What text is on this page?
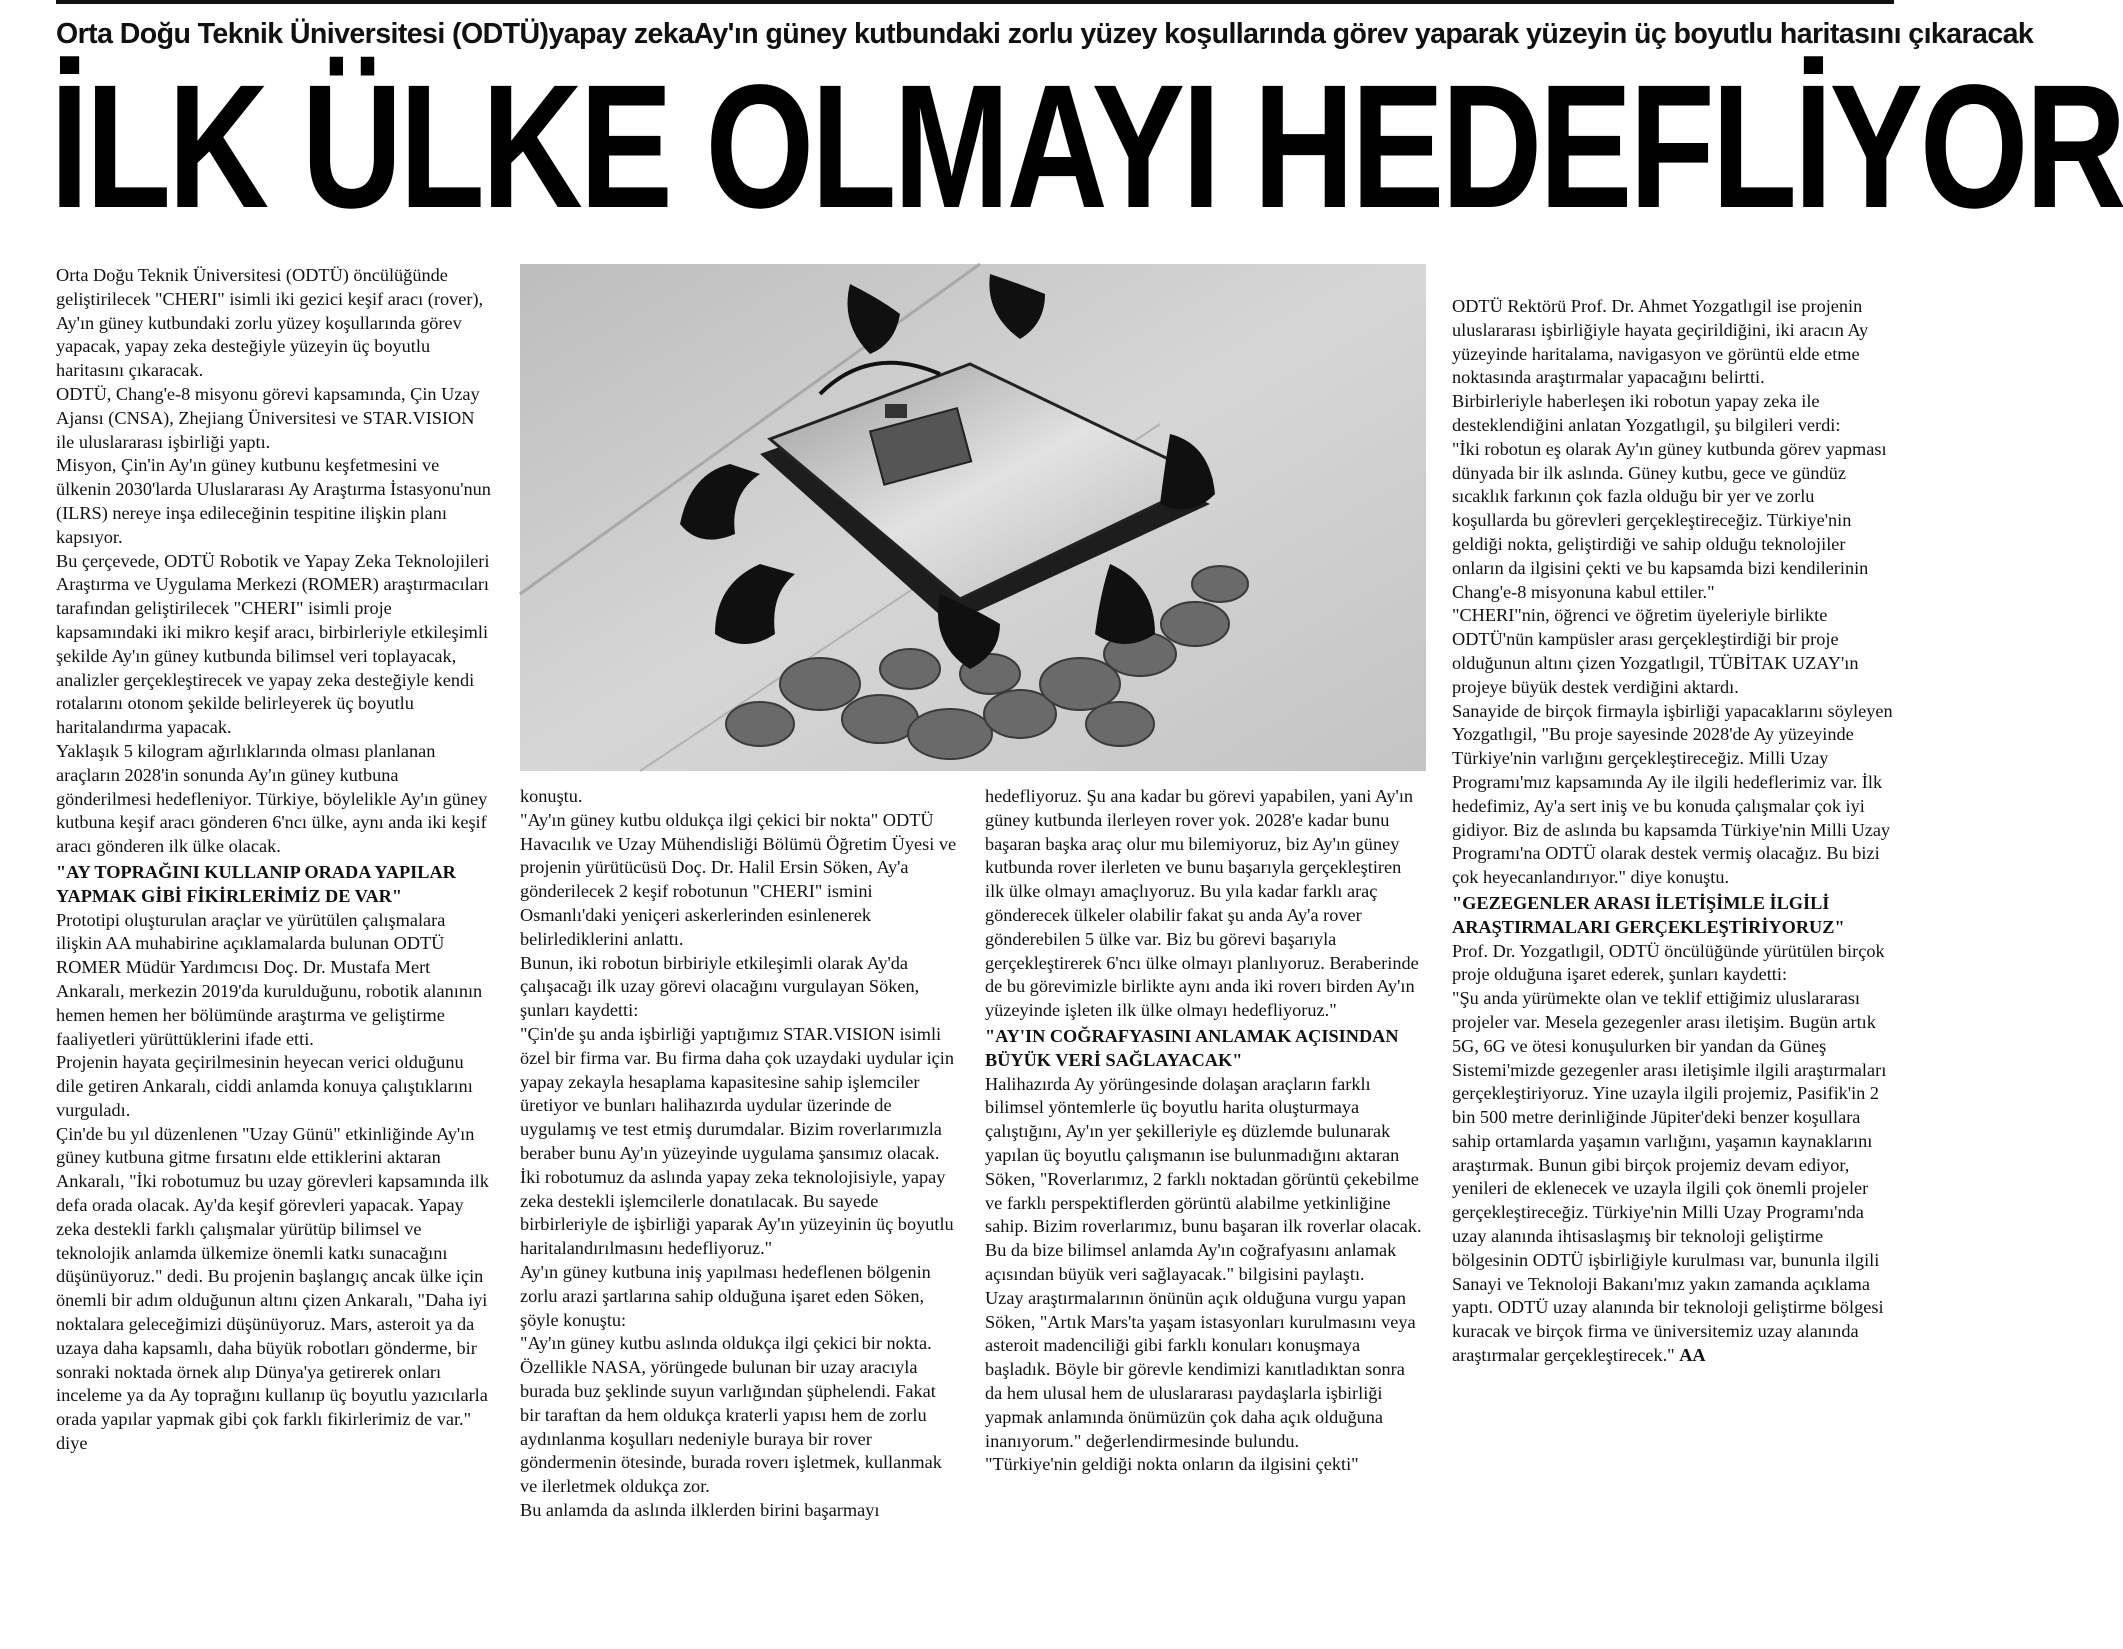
Orta Doğu Teknik Üniversitesi (ODTÜ)yapay zekaAy'ın güney kutbundaki zorlu yüzey koşullarında görev yaparak yüzeyin üç boyutlu haritasını çıkaracak
İLK ÜLKE OLMAYI HEDEFLİYOR

Orta Doğu Teknik Üniversitesi (ODTÜ) öncülüğünde geliştirilecek "CHERI" isimli iki gezici keşif aracı (rover), Ay'ın güney kutbundaki zorlu yüzey koşullarında görev yapacak, yapay zeka desteğiyle yüzeyin üç boyutlu haritasını çıkaracak.

ODTÜ, Chang'e-8 misyonu görevi kapsamında, Çin Uzay Ajansı (CNSA), Zhejiang Üniversitesi ve STAR.VISION ile uluslararası işbirliği yaptı.

Misyon, Çin'in Ay'ın güney kutbunu keşfetmesini ve ülkenin 2030'larda Uluslararası Ay Araştırma İstasyonu'nun (ILRS) nereye inşa edileceğinin tespitine ilişkin planı kapsıyor.

Bu çerçevede, ODTÜ Robotik ve Yapay Zeka Teknolojileri Araştırma ve Uygulama Merkezi (ROMER) araştırmacıları tarafından geliştirilecek "CHERI" isimli proje kapsamındaki iki mikro keşif aracı, birbirleriyle etkileşimli şekilde Ay'ın güney kutbunda bilimsel veri toplayacak, analizler gerçekleştirecek ve yapay zeka desteğiyle kendi rotalarını otonom şekilde belirleyerek üç boyutlu haritalandırma yapacak.

Yaklaşık 5 kilogram ağırlıklarında olması planlanan araçların 2028'in sonunda Ay'ın güney kutbuna gönderilmesi hedefleniyor. Türkiye, böylelikle Ay'ın güney kutbuna keşif aracı gönderen 6'ncı ülke, aynı anda iki keşif aracı gönderen ilk ülke olacak.

"AY TOPRAĞINI KULLANIP ORADA YAPILAR YAPMAK GİBİ FİKİRLERİMİZ DE VAR"

Prototipi oluşturulan araçlar ve yürütülen çalışmalara ilişkin AA muhabirine açıklamalarda bulunan ODTÜ ROMER Müdür Yardımcısı Doç. Dr. Mustafa Mert Ankaralı, merkezin 2019'da kurulduğunu, robotik alanının hemen hemen her bölümünde araştırma ve geliştirme faaliyetleri yürüttüklerini ifade etti.

Projenin hayata geçirilmesinin heyecan verici olduğunu dile getiren Ankaralı, ciddi anlamda konuya çalıştıklarını vurguladı.

Çin'de bu yıl düzenlenen "Uzay Günü" etkinliğinde Ay'ın güney kutbuna gitme fırsatını elde ettiklerini aktaran Ankaralı, "İki robotumuz bu uzay görevleri kapsamında ilk defa orada olacak. Ay'da keşif görevleri yapacak. Yapay zeka destekli farklı çalışmalar yürütüp bilimsel ve teknolojik anlamda ülkemize önemli katkı sunacağını düşünüyoruz." dedi. Bu projenin başlangıç ancak ülke için önemli bir adım olduğunun altını çizen Ankaralı, "Daha iyi noktalara geleceğimizi düşünüyoruz. Mars, asteroit ya da uzaya daha kapsamlı, daha büyük robotları gönderme, bir sonraki noktada örnek alıp Dünya'ya getirerek onları inceleme ya da Ay toprağını kullanıp üç boyutlu yazıcılarla orada yapılar yapmak gibi çok farklı fikirlerimiz de var." diye

konuştu.

"Ay'ın güney kutbu oldukça ilgi çekici bir nokta" ODTÜ Havacılık ve Uzay Mühendisliği Bölümü Öğretim Üyesi ve projenin yürütücüsü Doç. Dr. Halil Ersin Söken, Ay'a gönderilecek 2 keşif robotunun "CHERI" ismini Osmanlı'daki yeniçeri askerlerinden esinlenerek belirlediklerini anlattı.

Bunun, iki robotun birbiriyle etkileşimli olarak Ay'da çalışacağı ilk uzay görevi olacağını vurgulayan Söken, şunları kaydetti:

"Çin'de şu anda işbirliği yaptığımız STAR.VISION isimli özel bir firma var. Bu firma daha çok uzaydaki uydular için yapay zekayla hesaplama kapasitesine sahip işlemciler üretiyor ve bunları halihazırda uydular üzerinde de uygulamış ve test etmiş durumdalar. Bizim roverlarımızla beraber bunu Ay'ın yüzeyinde uygulama şansımız olacak. İki robotumuz da aslında yapay zeka teknolojisiyle, yapay zeka destekli işlemcilerle donatılacak. Bu sayede birbirleriyle de işbirliği yaparak Ay'ın yüzeyinin üç boyutlu haritalandırılmasını hedefliyoruz."

Ay'ın güney kutbuna iniş yapılması hedeflenen bölgenin zorlu arazi şartlarına sahip olduğuna işaret eden Söken, şöyle konuştu:

"Ay'ın güney kutbu aslında oldukça ilgi çekici bir nokta. Özellikle NASA, yörüngede bulunan bir uzay aracıyla burada buz şeklinde suyun varlığından şüphelendi. Fakat bir taraftan da hem oldukça kraterli yapısı hem de zorlu aydınlanma koşulları nedeniyle buraya bir rover göndermenin ötesinde, burada roverı işletmek, kullanmak ve ilerletmek oldukça zor.

Bu anlamda da aslında ilklerden birini başarmayı

hedefliyoruz. Şu ana kadar bu görevi yapabilen, yani Ay'ın güney kutbunda ilerleyen rover yok. 2028'e kadar bunu başaran başka araç olur mu bilemiyoruz, biz Ay'ın güney kutbunda rover ilerleten ve bunu başarıyla gerçekleştiren ilk ülke olmayı amaçlıyoruz. Bu yıla kadar farklı araç gönderecek ülkeler olabilir fakat şu anda Ay'a rover gönderebilen 5 ülke var. Biz bu görevi başarıyla gerçekleştirerek 6'ncı ülke olmayı planlıyoruz. Beraberinde de bu görevimizle birlikte aynı anda iki roverı birden Ay'ın yüzeyinde işleten ilk ülke olmayı hedefliyoruz."

"AY'IN COĞRAFYASINI ANLAMAK AÇISINDAN BÜYÜK VERİ SAĞLAYACAK"

Halihazırda Ay yörüngesinde dolaşan araçların farklı bilimsel yöntemlerle üç boyutlu harita oluşturmaya çalıştığını, Ay'ın yer şekilleriyle eş düzlemde bulunarak yapılan üç boyutlu çalışmanın ise bulunmadığını aktaran Söken, "Roverlarımız, 2 farklı noktadan görüntü çekebilme ve farklı perspektiflerden görüntü alabilme yetkinliğine sahip. Bizim roverlarımız, bunu başaran ilk roverlar olacak. Bu da bize bilimsel anlamda Ay'ın coğrafyasını anlamak açısından büyük veri sağlayacak." bilgisini paylaştı.

Uzay araştırmalarının önünün açık olduğuna vurgu yapan Söken, "Artık Mars'ta yaşam istasyonları kurulmasını veya asteroit madenciliği gibi farklı konuları konuşmaya başladık. Böyle bir görevle kendimizi kanıtladıktan sonra da hem ulusal hem de uluslararası paydaşlarla işbirliği yapmak anlamında önümüzün çok daha açık olduğuna inanıyorum." değerlendirmesinde bulundu.

"Türkiye'nin geldiği nokta onların da ilgisini çekti"

ODTÜ Rektörü Prof. Dr. Ahmet Yozgatlıgil ise projenin uluslararası işbirliğiyle hayata geçirildiğini, iki aracın Ay yüzeyinde haritalama, navigasyon ve görüntü elde etme noktasında araştırmalar yapacağını belirtti.

Birbirleriyle haberleşen iki robotun yapay zeka ile desteklendiğini anlatan Yozgatlıgil, şu bilgileri verdi:

"İki robotun eş olarak Ay'ın güney kutbunda görev yapması dünyada bir ilk aslında. Güney kutbu, gece ve gündüz sıcaklık farkının çok fazla olduğu bir yer ve zorlu koşullarda bu görevleri gerçekleştireceğiz. Türkiye'nin geldiği nokta, geliştirdiği ve sahip olduğu teknolojiler onların da ilgisini çekti ve bu kapsamda bizi kendilerinin Chang'e-8 misyonuna kabul ettiler."

"CHERI"nin, öğrenci ve öğretim üyeleriyle birlikte ODTÜ'nün kampüsler arası gerçekleştirdiği bir proje olduğunun altını çizen Yozgatlıgil, TÜBİTAK UZAY'ın projeye büyük destek verdiğini aktardı.

Sanayide de birçok firmayla işbirliği yapacaklarını söyleyen Yozgatlıgil, "Bu proje sayesinde 2028'de Ay yüzeyinde Türkiye'nin varlığını gerçekleştireceğiz. Milli Uzay Programı'mız kapsamında Ay ile ilgili hedeflerimiz var. İlk hedefimiz, Ay'a sert iniş ve bu konuda çalışmalar çok iyi gidiyor. Biz de aslında bu kapsamda Türkiye'nin Milli Uzay Programı'na ODTÜ olarak destek vermiş olacağız. Bu bizi çok heyecanlandırıyor." diye konuştu.

"GEZEGENLER ARASI İLETİŞİMLE İLGİLİ ARAŞTIRMALARI GERÇEKLEŞTİRİYORUZ"

Prof. Dr. Yozgatlıgil, ODTÜ öncülüğünde yürütülen birçok proje olduğuna işaret ederek, şunları kaydetti:

"Şu anda yürümekte olan ve teklif ettiğimiz uluslararası projeler var. Mesela gezegenler arası iletişim. Bugün artık 5G, 6G ve ötesi konuşulurken bir yandan da Güneş Sistemi'mizde gezegenler arası iletişimle ilgili araştırmaları gerçekleştiriyoruz. Yine uzayla ilgili projemiz, Pasifik'in 2 bin 500 metre derinliğinde Jüpiter'deki benzer koşullara sahip ortamlarda yaşamın varlığını, yaşamın kaynaklarını araştırmak. Bunun gibi birçok projemiz devam ediyor, yenileri de eklenecek ve uzayla ilgili çok önemli projeler gerçekleştireceğiz. Türkiye'nin Milli Uzay Programı'nda uzay alanında ihtisaslaşmış bir teknoloji geliştirme bölgesinin ODTÜ işbirliğiyle kurulması var, bununla ilgili Sanayi ve Teknoloji Bakanı'mız yakın zamanda açıklama yaptı. ODTÜ uzay alanında bir teknoloji geliştirme bölgesi kuracak ve birçok firma ve üniversitemiz uzay alanında araştırmalar gerçekleştirecek." AA
